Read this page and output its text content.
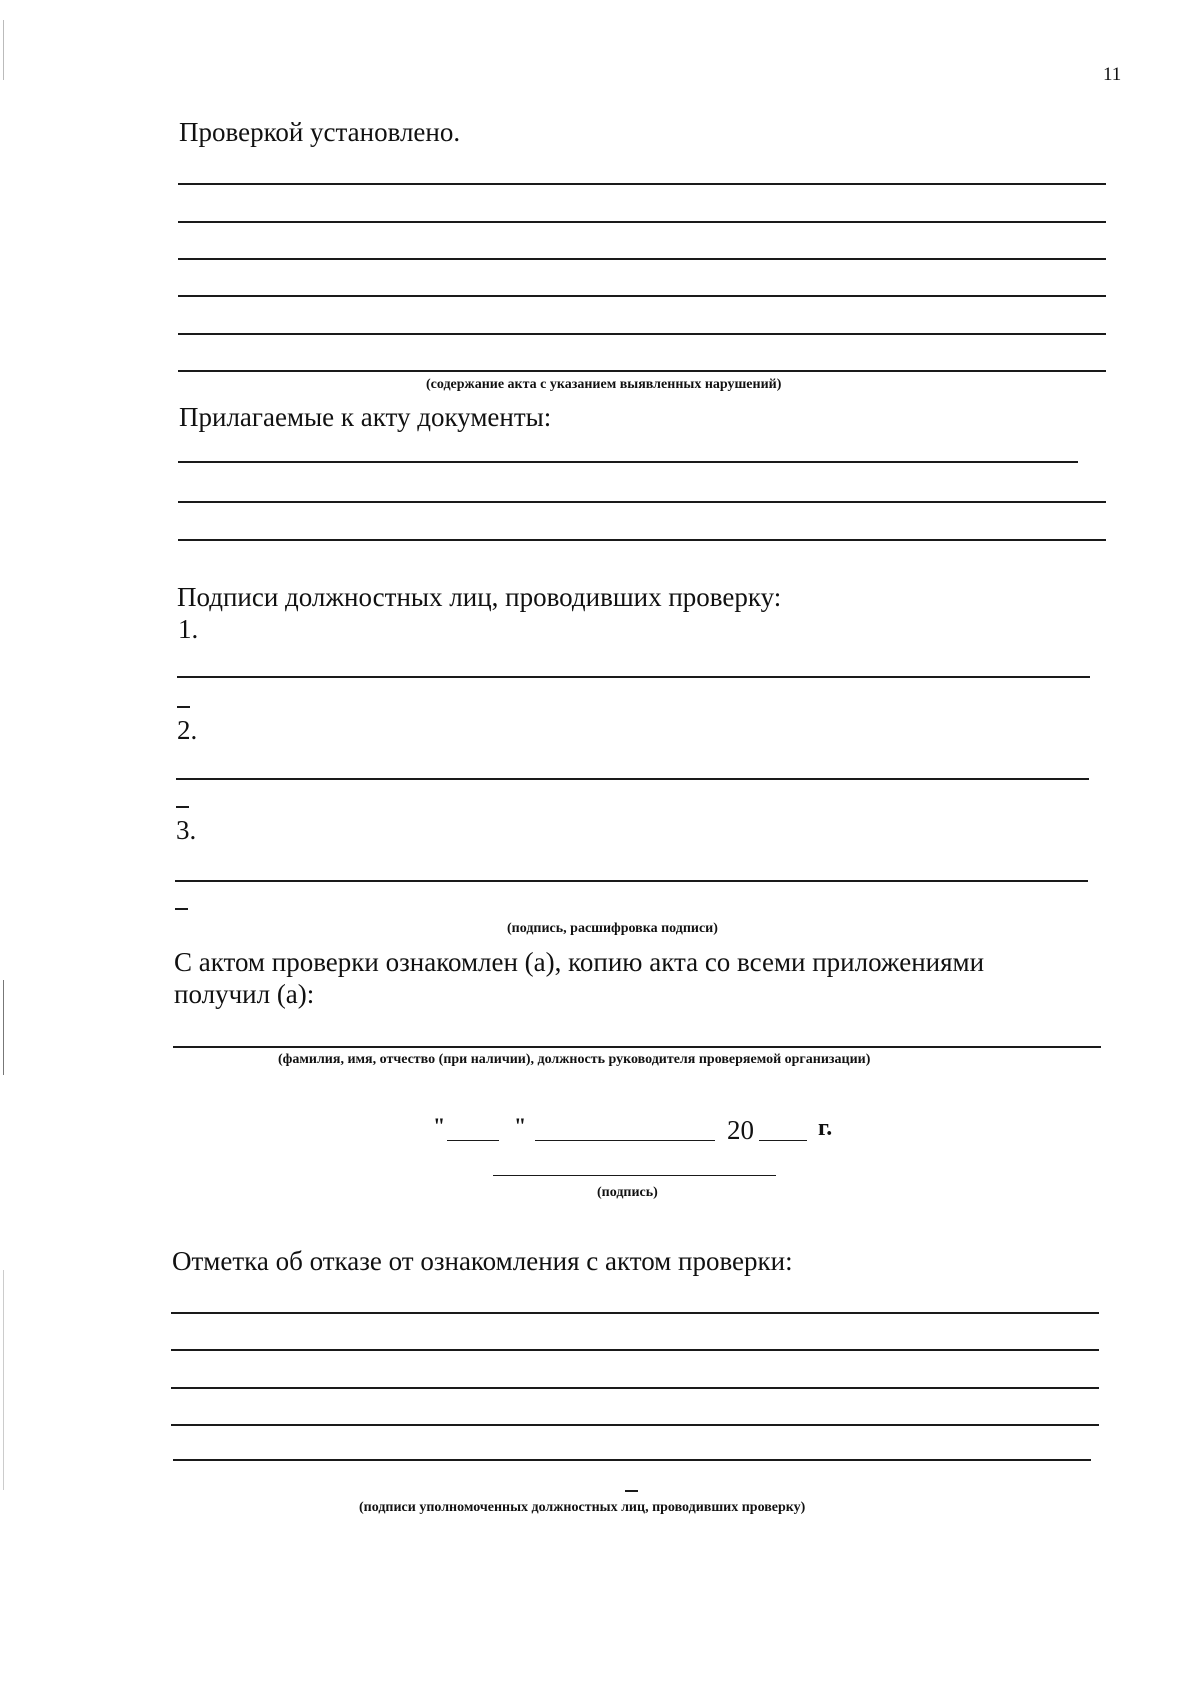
11
Проверкой установлено.
(содержание акта с указанием выявленных нарушений)
Прилагаемые к акту документы:
Подписи должностных лиц, проводивших проверку:
1.
2.
3.
(подпись, расшифровка подписи)
С актом проверки ознакомлен (а), копию акта со всеми приложениями
получил (а):
(фамилия, имя, отчество (при наличии), должность руководителя проверяемой организации)
"	"	20	г.
(подпись)
Отметка об отказе от ознакомления с актом проверки:
(подписи уполномоченных должностных лиц, проводивших проверку)
